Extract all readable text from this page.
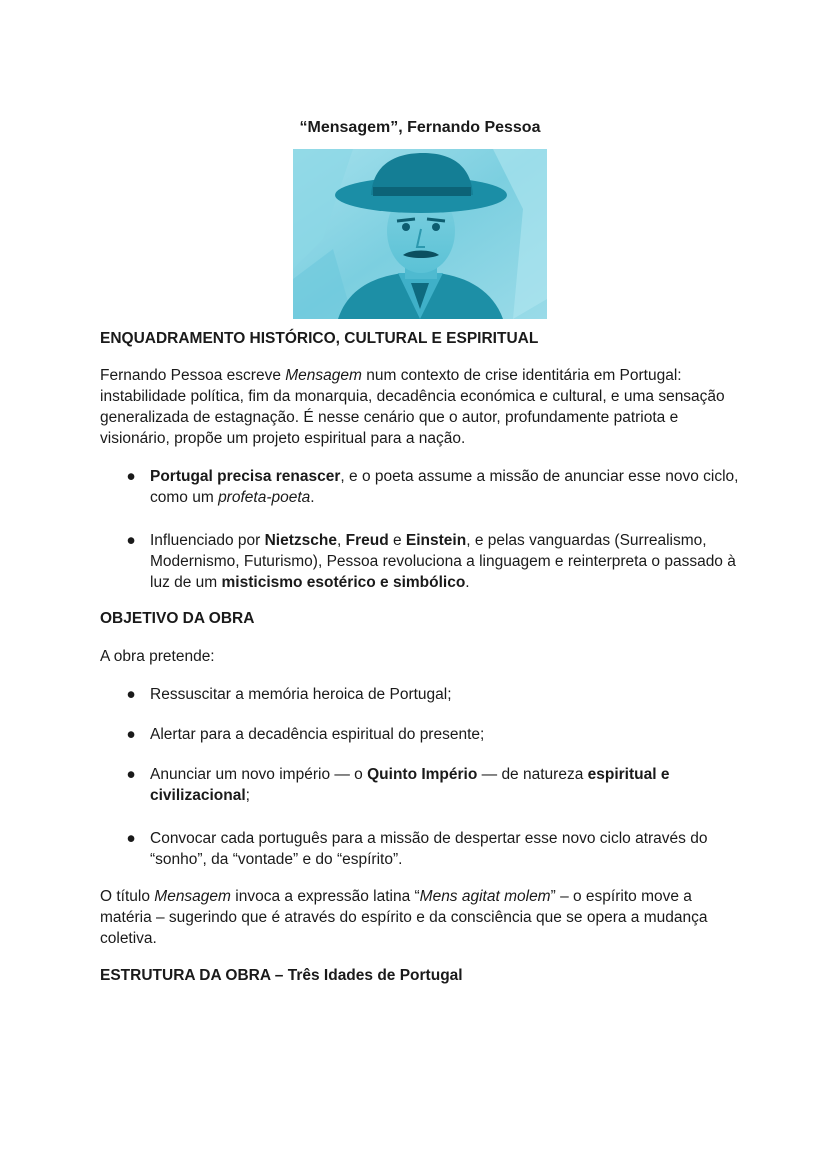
“Mensagem”, Fernando Pessoa
ENQUADRAMENTO HISTÓRICO, CULTURAL E ESPIRITUAL

Fernando Pessoa escreve Mensagem num contexto de crise identitária em Portugal: instabilidade política, fim da monarquia, decadência económica e cultural, e uma sensação generalizada de estagnação. É nesse cenário que o autor, profundamente patriota e visionário, propõe um projeto espiritual para a nação.

● Portugal precisa renascer, e o poeta assume a missão de anunciar esse novo ciclo, como um profeta-poeta.
● Influenciado por Nietzsche, Freud e Einstein, e pelas vanguardas (Surrealismo, Modernismo, Futurismo), Pessoa revoluciona a linguagem e reinterpreta o passado à luz de um misticismo esotérico e simbólico.
OBJETIVO DA OBRA

A obra pretende:

● Ressuscitar a memória heroica de Portugal;
● Alertar para a decadência espiritual do presente;
● Anunciar um novo império — o Quinto Império — de natureza espiritual e civilizacional;
● Convocar cada português para a missão de despertar esse novo ciclo através do “sonho”, da “vontade” e do “espírito”.

O título Mensagem invoca a expressão latina “Mens agitat molem” – o espírito move a matéria – sugerindo que é através do espírito e da consciência que se opera a mudança coletiva.

ESTRUTURA DA OBRA – Três Idades de Portugal
